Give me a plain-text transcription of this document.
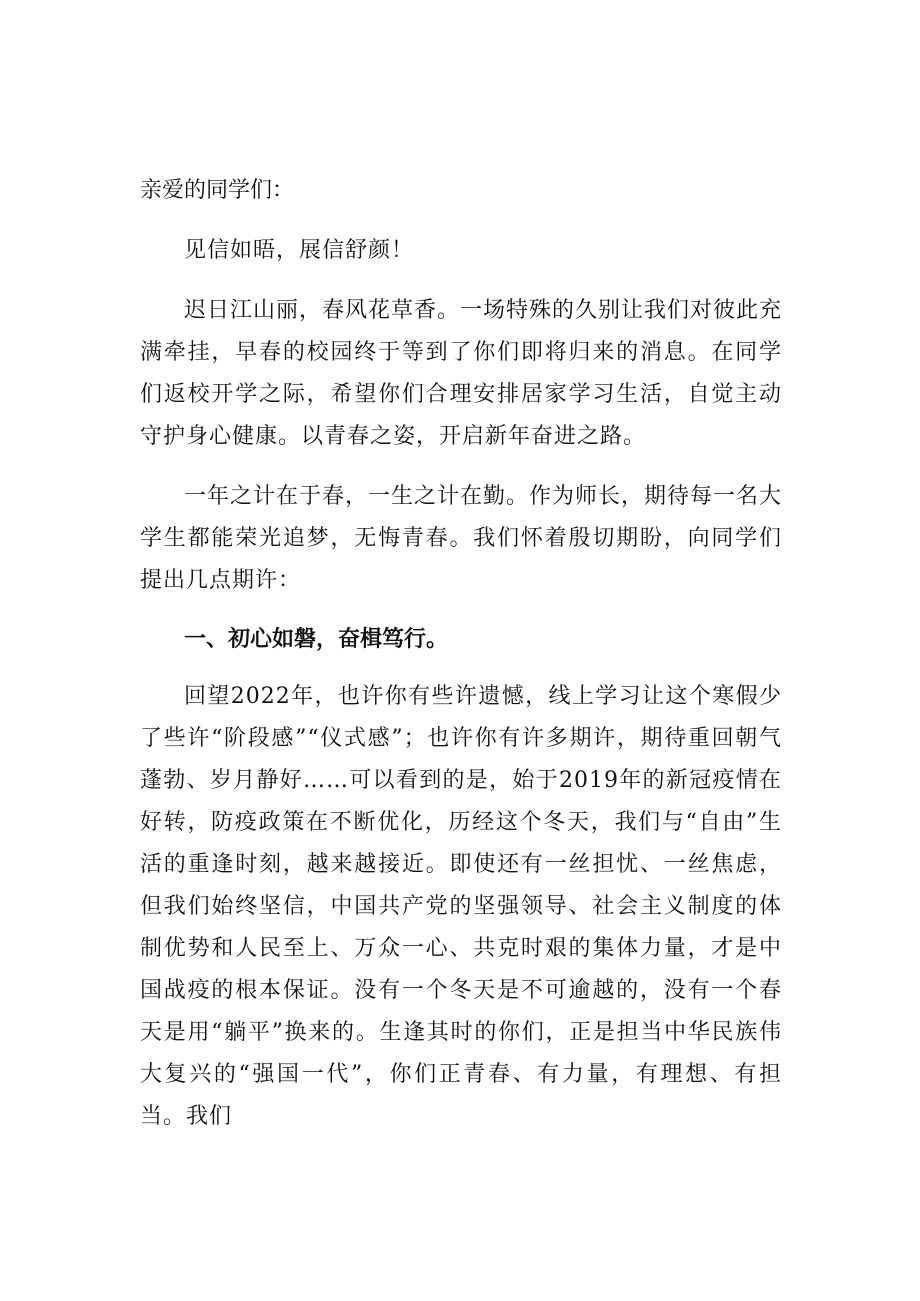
亲爱的同学们：

见信如晤，展信舒颜！

迟日江山丽，春风花草香。一场特殊的久别让我们对彼此充满牵挂，早春的校园终于等到了你们即将归来的消息。在同学们返校开学之际，希望你们合理安排居家学习生活，自觉主动守护身心健康。以青春之姿，开启新年奋进之路。

一年之计在于春，一生之计在勤。作为师长，期待每一名大学生都能荣光追梦，无悔青春。我们怀着殷切期盼，向同学们提出几点期许：

一、初心如磐，奋楫笃行。

回望2022年，也许你有些许遗憾，线上学习让这个寒假少了些许“阶段感”“仪式感”；也许你有许多期许，期待重回朝气蓬勃、岁月静好……可以看到的是，始于2019年的新冠疫情在好转，防疫政策在不断优化，历经这个冬天，我们与“自由”生活的重逢时刻，越来越接近。即使还有一丝担忧、一丝焦虑，但我们始终坚信，中国共产党的坚强领导、社会主义制度的体制优势和人民至上、万众一心、共克时艰的集体力量，才是中国战疫的根本保证。没有一个冬天是不可逾越的，没有一个春天是用“躺平”换来的。生逢其时的你们，正是担当中华民族伟大复兴的“强国一代”，你们正青春、有力量，有理想、有担当。我们
